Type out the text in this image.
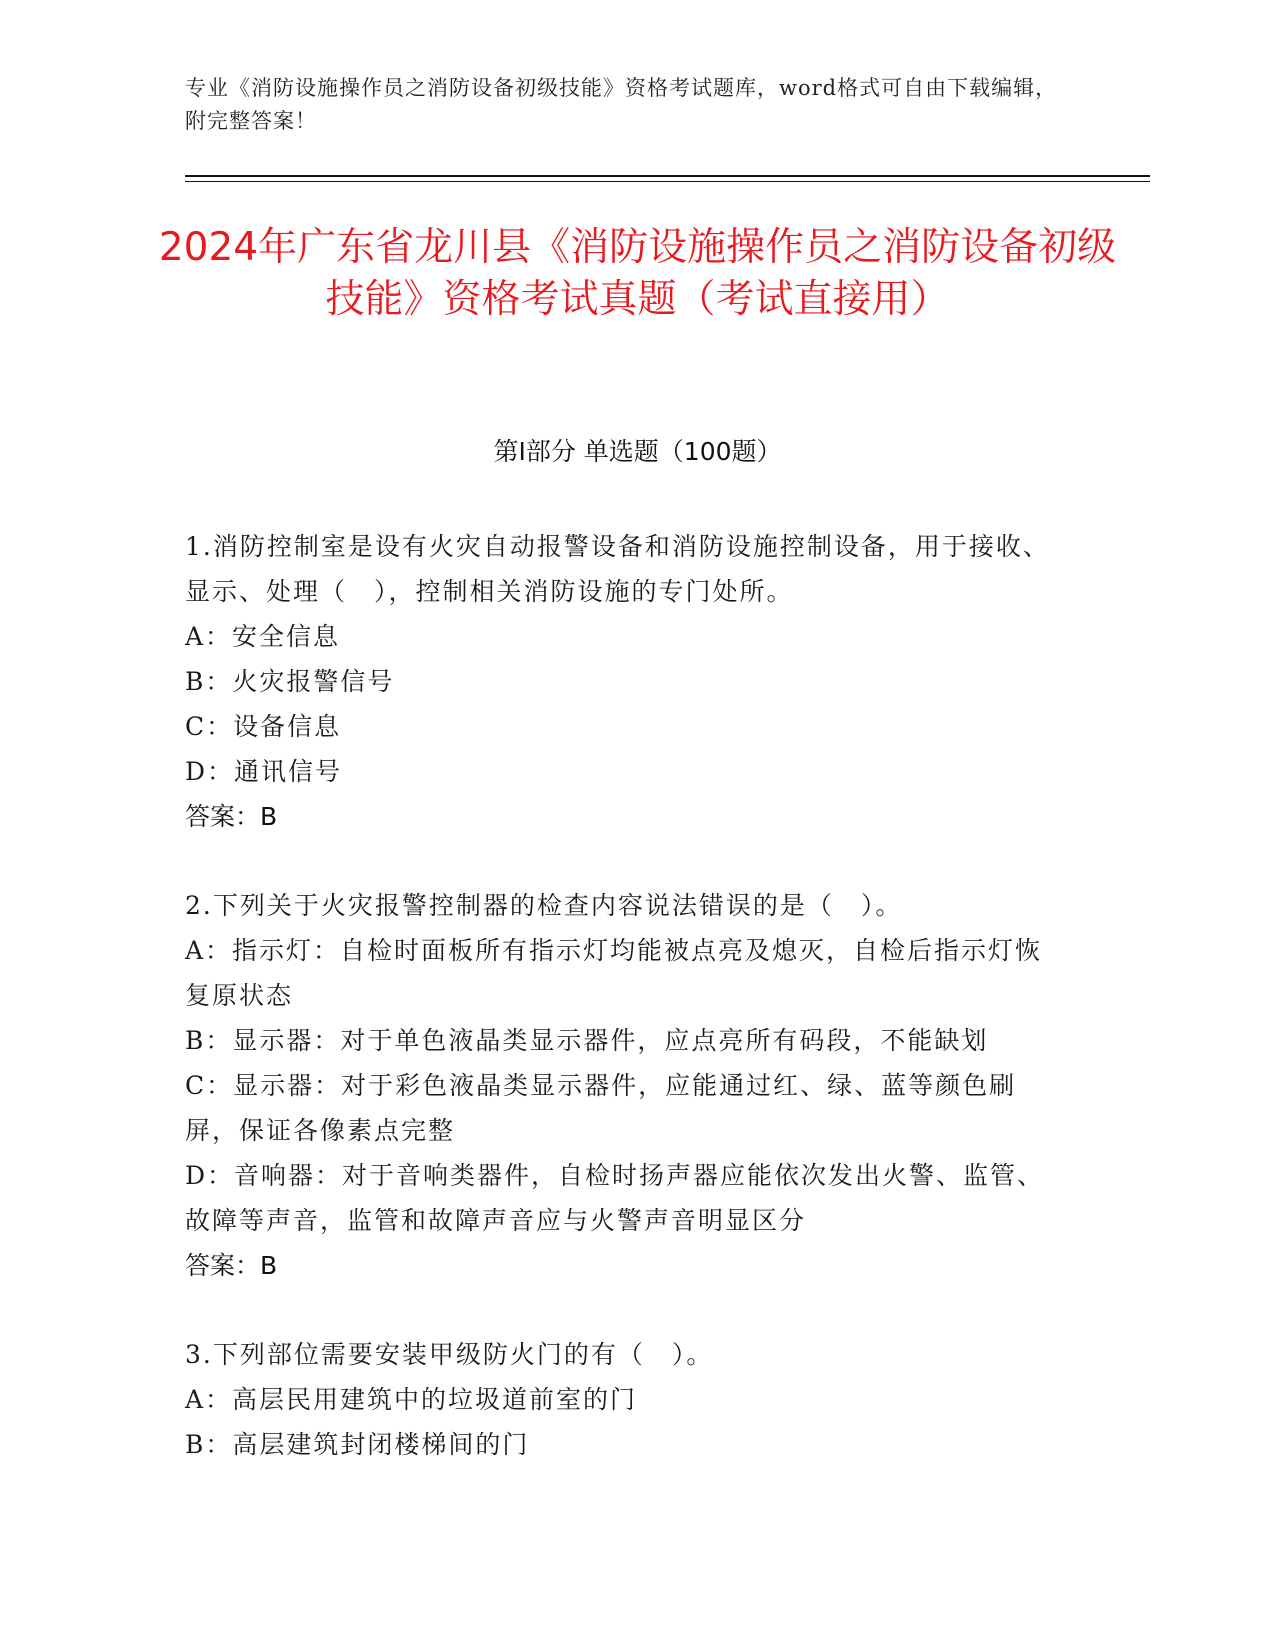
专业《消防设施操作员之消防设备初级技能》资格考试题库，word格式可自由下载编辑，附完整答案！
2024年广东省龙川县《消防设施操作员之消防设备初级技能》资格考试真题（考试直接用）
第I部分 单选题（100题）
1.消防控制室是设有火灾自动报警设备和消防设施控制设备，用于接收、显示、处理（　），控制相关消防设施的专门处所。
A：安全信息
B：火灾报警信号
C：设备信息
D：通讯信号
答案：B
2.下列关于火灾报警控制器的检查内容说法错误的是（　）。
A：指示灯：自检时面板所有指示灯均能被点亮及熄灭，自检后指示灯恢复原状态
B：显示器：对于单色液晶类显示器件，应点亮所有码段，不能缺划
C：显示器：对于彩色液晶类显示器件，应能通过红、绿、蓝等颜色刷屏，保证各像素点完整
D：音响器：对于音响类器件，自检时扬声器应能依次发出火警、监管、故障等声音，监管和故障声音应与火警声音明显区分
答案：B
3.下列部位需要安装甲级防火门的有（　）。
A：高层民用建筑中的垃圾道前室的门
B：高层建筑封闭楼梯间的门
